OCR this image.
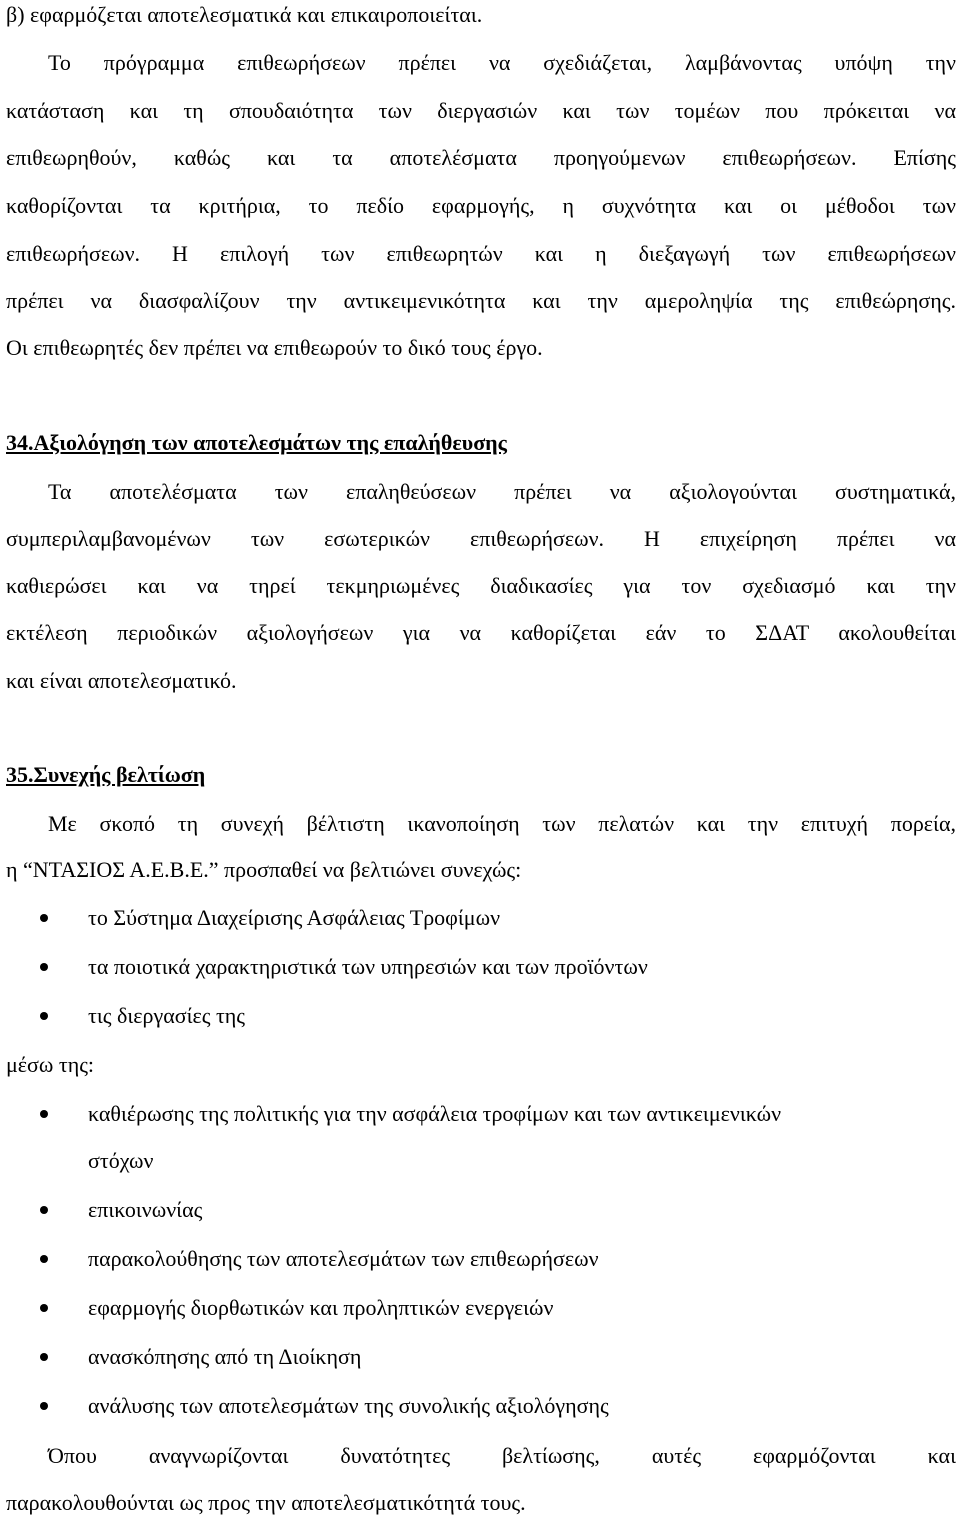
β) εφαρμόζεται αποτελεσματικά και επικαιροποιείται.
Το πρόγραμμα επιθεωρήσεων πρέπει να σχεδιάζεται, λαμβάνοντας υπόψη την
κατάσταση και τη σπουδαιότητα των διεργασιών και των τομέων που πρόκειται να
επιθεωρηθούν, καθώς και τα αποτελέσματα προηγούμενων επιθεωρήσεων. Επίσης
καθορίζονται τα κριτήρια, το πεδίο εφαρμογής, η συχνότητα και οι μέθοδοι των
επιθεωρήσεων. Η επιλογή των επιθεωρητών και η διεξαγωγή των επιθεωρήσεων
πρέπει να διασφαλίζουν την αντικειμενικότητα και την αμεροληψία της επιθεώρησης.
Οι επιθεωρητές δεν πρέπει να επιθεωρούν το δικό τους έργο.
34.Αξιολόγηση των αποτελεσμάτων της επαλήθευσης
Τα αποτελέσματα των επαληθεύσεων πρέπει να αξιολογούνται συστηματικά,
συμπεριλαμβανομένων των εσωτερικών επιθεωρήσεων. Η επιχείρηση πρέπει να
καθιερώσει και να τηρεί τεκμηριωμένες διαδικασίες για τον σχεδιασμό και την
εκτέλεση περιοδικών αξιολογήσεων για να καθορίζεται εάν το ΣΔΑΤ ακολουθείται
και είναι αποτελεσματικό.
35.Συνεχής βελτίωση
Με σκοπό τη συνεχή βέλτιστη ικανοποίηση των πελατών και την επιτυχή πορεία,
η “ΝΤΑΣΙΟΣ Α.Ε.Β.Ε.” προσπαθεί να βελτιώνει συνεχώς:
το Σύστημα Διαχείρισης Ασφάλειας Τροφίμων
τα ποιοτικά χαρακτηριστικά των υπηρεσιών και των προϊόντων
τις διεργασίες της
μέσω της:
καθιέρωσης της πολιτικής για την ασφάλεια τροφίμων και των αντικειμενικών
στόχων
επικοινωνίας
παρακολούθησης των αποτελεσμάτων των επιθεωρήσεων
εφαρμογής διορθωτικών και προληπτικών ενεργειών
ανασκόπησης από τη Διοίκηση
ανάλυσης των αποτελεσμάτων της συνολικής αξιολόγησης
Όπου αναγνωρίζονται δυνατότητες βελτίωσης, αυτές εφαρμόζονται και
παρακολουθούνται ως προς την αποτελεσματικότητά τους.
